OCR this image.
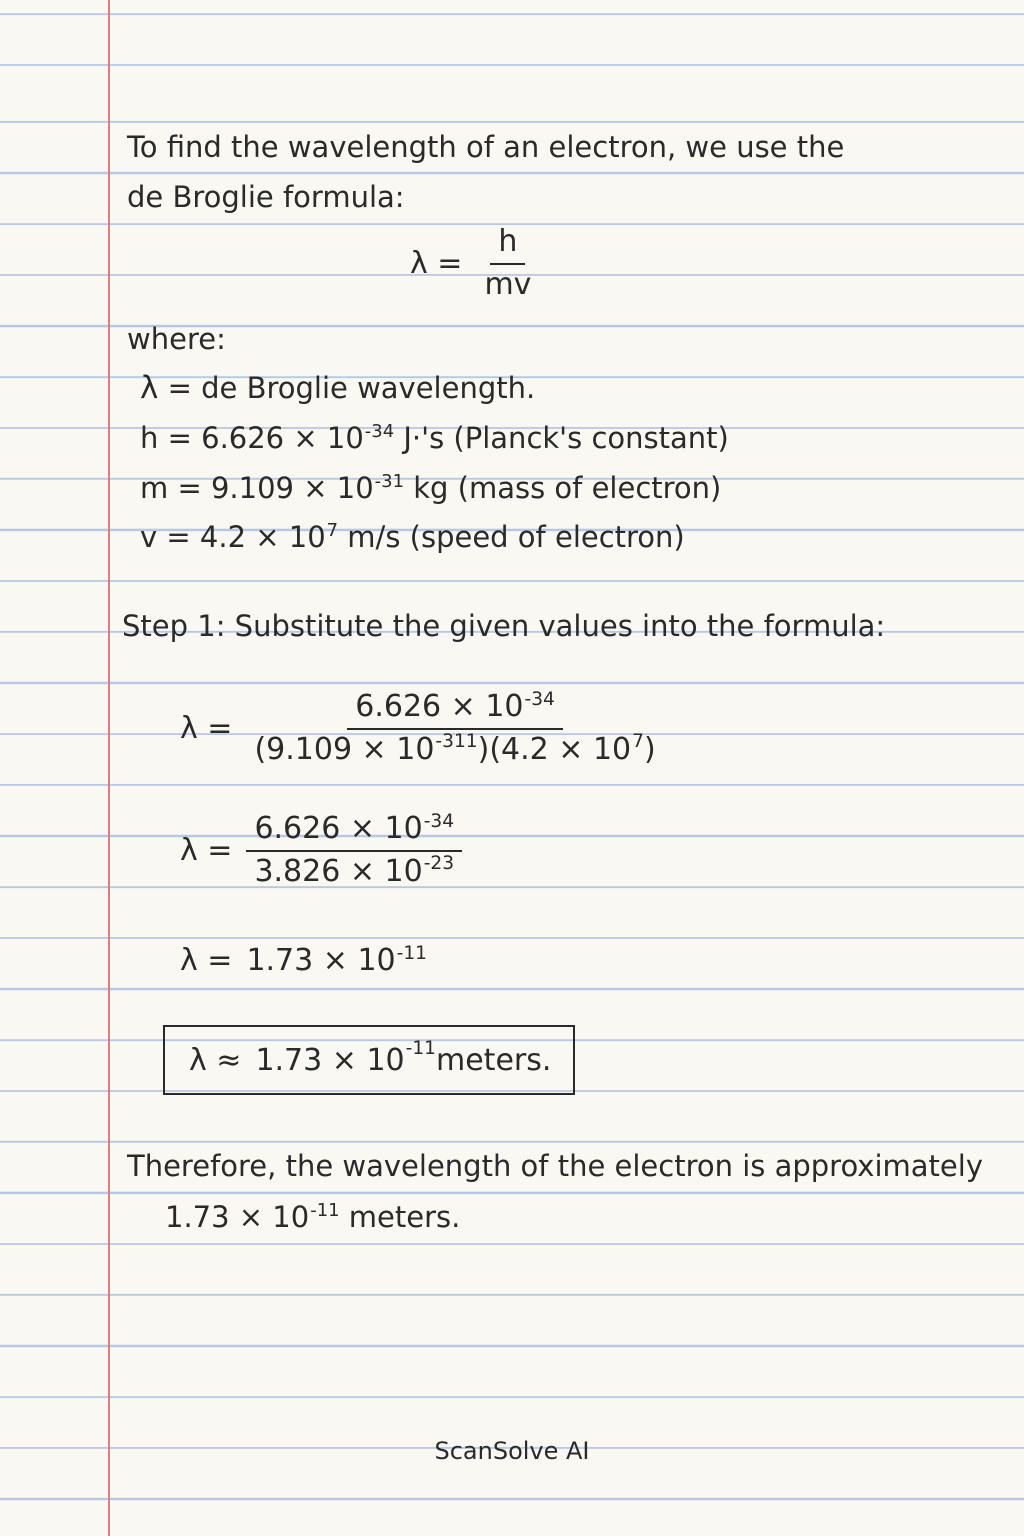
To find the wavelength of an electron, we use the
de Broglie formula:
$\lambda = \frac{h}{mv}$
where:
λ = de Broglie wavelength.
$h = 6.626 \times 10^{-34}$ J·'s (Planck's constant)
$m = 9.109 \times 10^{-31}$ kg (mass of electron)
$v = 4.2 \times 10^7$ m/s (speed of electron)
Step 1: Substitute the given values into the formula:
$\lambda = \frac{6.626 \times 10^{-34}}{(9.109 \times 10^{-311})(4.2 \times 10^7)}$
$\lambda = \frac{6.626 \times 10^{-34}}{3.826 \times 10^{-23}}$
$\lambda = 1.73 \times 10^{-11}$
$\lambda \approx 1.73 \times 10^{-11}$ meters.
Therefore, the wavelength of the electron is approximately
$1.73 \times 10^{-11}$ meters.
ScanSolve AI
